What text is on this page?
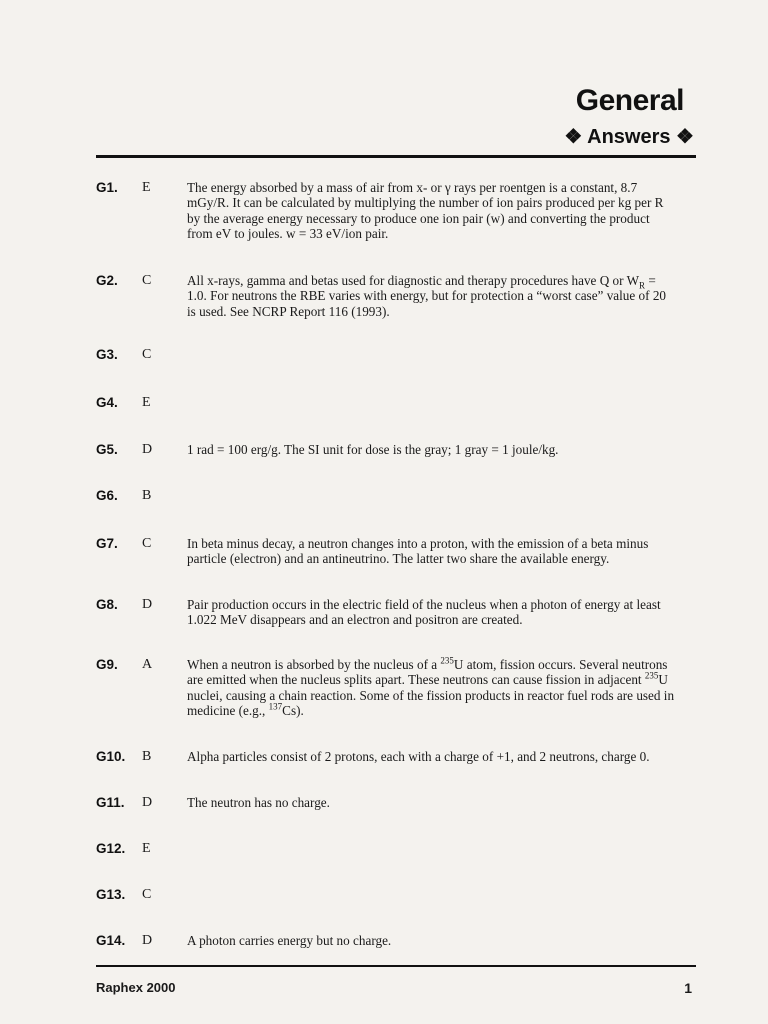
General
❖ Answers ❖
G1. E	The energy absorbed by a mass of air from x- or γ rays per roentgen is a constant, 8.7 mGy/R. It can be calculated by multiplying the number of ion pairs produced per kg per R by the average energy necessary to produce one ion pair (w) and converting the product from eV to joules. w = 33 eV/ion pair.
G2. C	All x-rays, gamma and betas used for diagnostic and therapy procedures have Q or $W_R = 1.0$. For neutrons the RBE varies with energy, but for protection a “worst case” value of 20 is used. See NCRP Report 116 (1993).
G3. C
G4. E
G5. D	1 rad = 100 erg/g. The SI unit for dose is the gray; 1 gray = 1 joule/kg.
G6. B
G7. C	In beta minus decay, a neutron changes into a proton, with the emission of a beta minus particle (electron) and an antineutrino. The latter two share the available energy.
G8. D	Pair production occurs in the electric field of the nucleus when a photon of energy at least 1.022 MeV disappears and an electron and positron are created.
G9. A	When a neutron is absorbed by the nucleus of a $^{235}$U atom, fission occurs. Several neutrons are emitted when the nucleus splits apart. These neutrons can cause fission in adjacent $^{235}$U nuclei, causing a chain reaction. Some of the fission products in reactor fuel rods are used in medicine (e.g., $^{137}$Cs).
G10. B	Alpha particles consist of 2 protons, each with a charge of +1, and 2 neutrons, charge 0.
G11. D	The neutron has no charge.
G12. E
G13. C
G14. D	A photon carries energy but no charge.
Raphex 2000	1
